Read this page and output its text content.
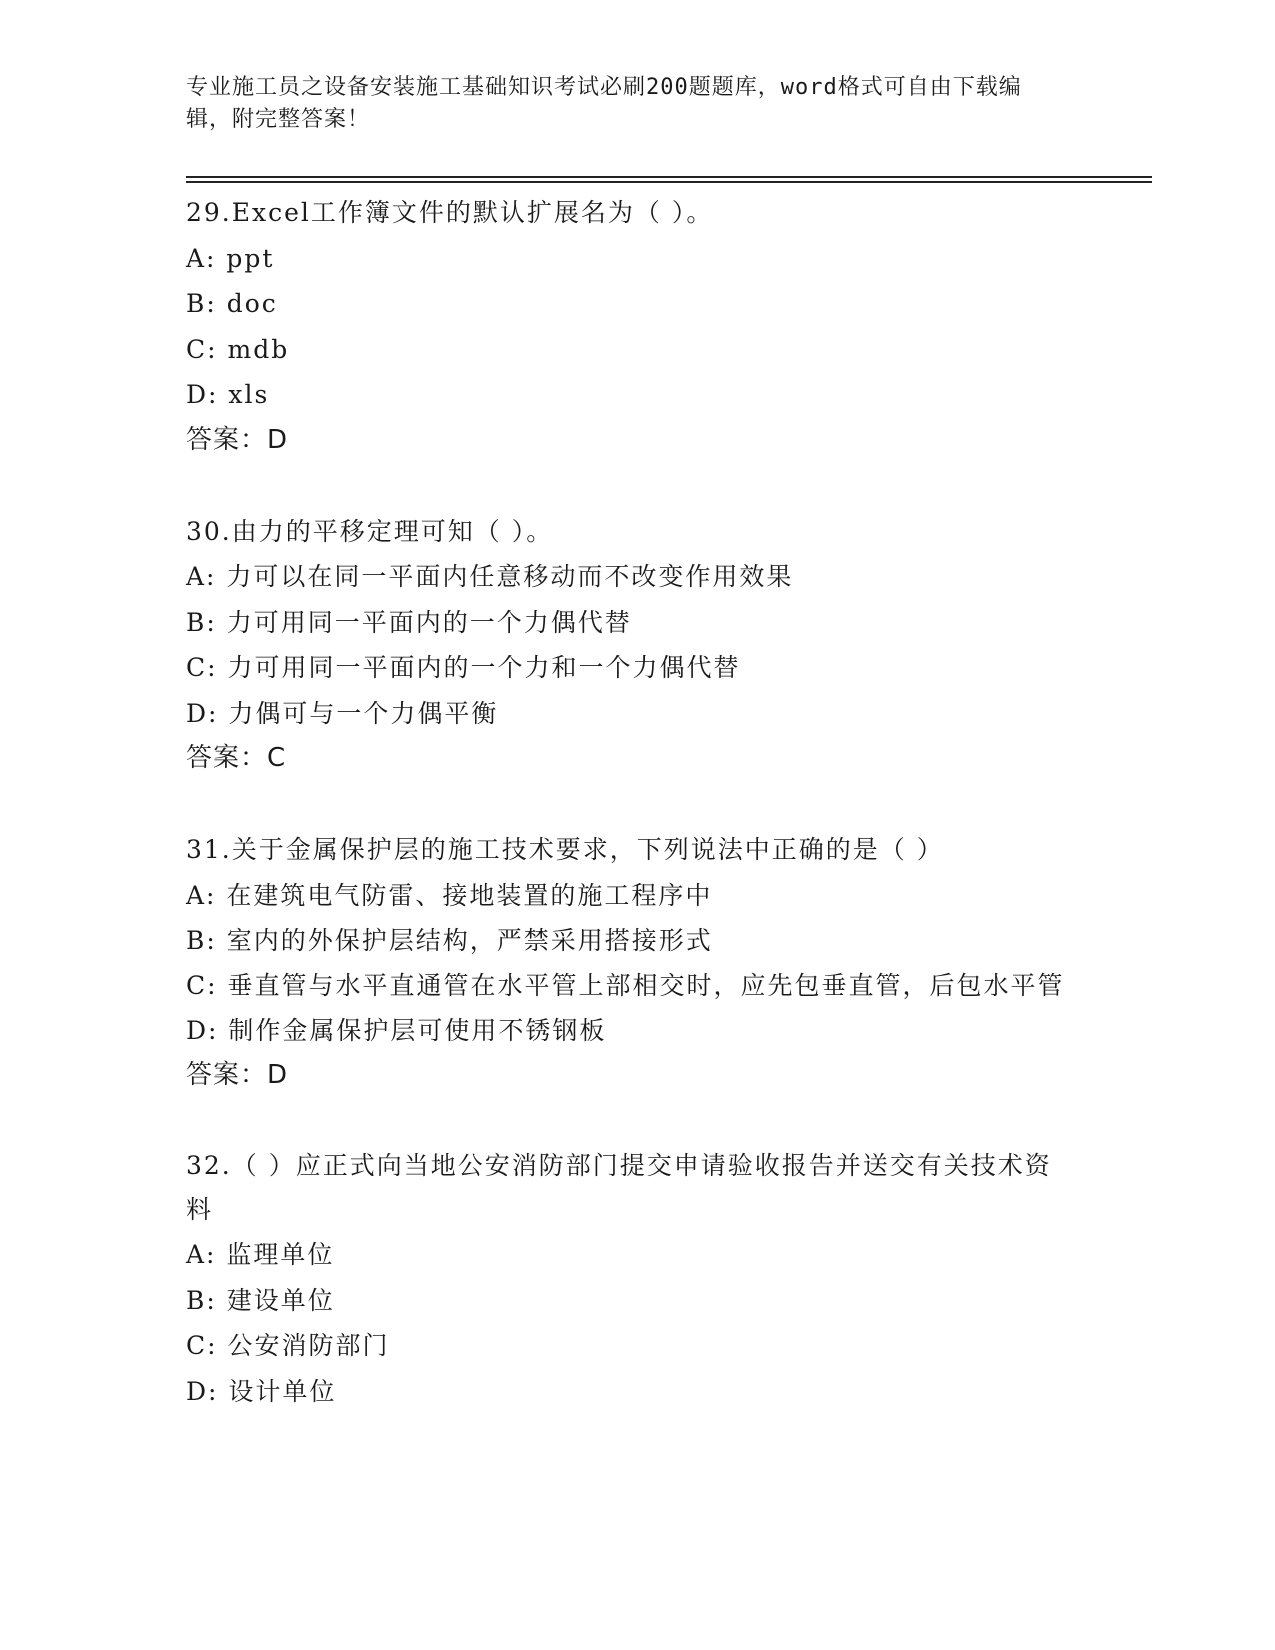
专业施工员之设备安装施工基础知识考试必刷200题题库，word格式可自由下载编辑，附完整答案！

29.Excel工作簿文件的默认扩展名为（ ）。

A: ppt

B: doc

C: mdb

D: xls

答案：D

30.由力的平移定理可知（ ）。

A: 力可以在同一平面内任意移动而不改变作用效果

B: 力可用同一平面内的一个力偶代替

C: 力可用同一平面内的一个力和一个力偶代替

D: 力偶可与一个力偶平衡

答案：C

31.关于金属保护层的施工技术要求，下列说法中正确的是（ ）

A: 在建筑电气防雷、接地装置的施工程序中

B: 室内的外保护层结构，严禁采用搭接形式

C: 垂直管与水平直通管在水平管上部相交时，应先包垂直管，后包水平管

D: 制作金属保护层可使用不锈钢板

答案：D

32.（ ）应正式向当地公安消防部门提交申请验收报告并送交有关技术资料

A: 监理单位

B: 建设单位

C: 公安消防部门

D: 设计单位
